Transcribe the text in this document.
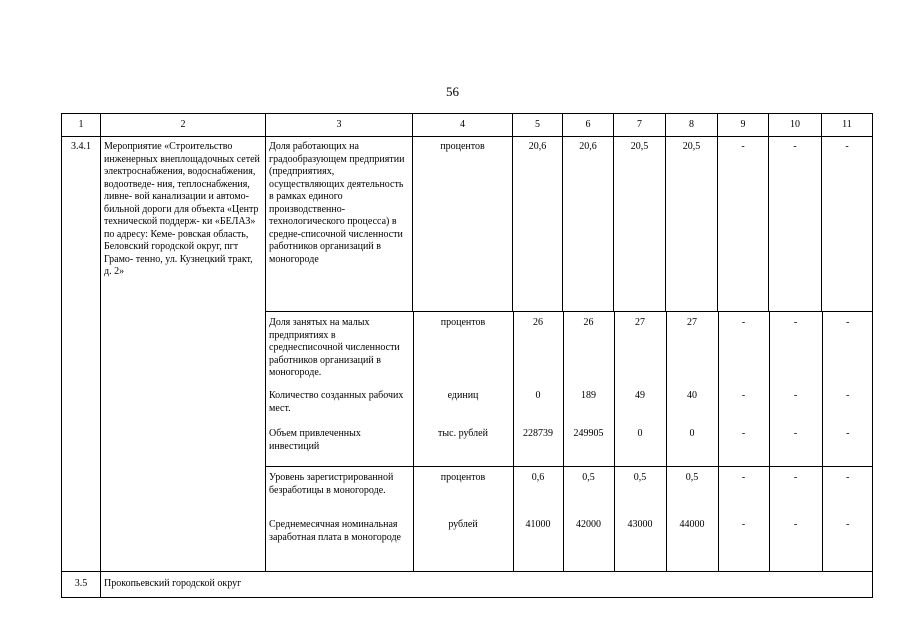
56
1	2	3	4	5	6	7	8	9	10	11
3.4.1	Мероприятие «Строительство инженерных внеплощадочных сетей электроснабжения, водоснабжения, водоотведе- ния, теплоснабжения, ливне- вой канализации и автомо- бильной дороги для объекта «Центр технической поддерж- ки «БЕЛАЗ» по адресу: Кеме- ровская область, Беловский городской округ, пгт Грамо- тенно, ул. Кузнецкий тракт, д. 2»	Доля работающих на градообразующем предприятии (предприятиях, осуществляющих деятельность в рамках единого производственно-технологического процесса) в средне-списочной численности работников организаций в моногороде	процентов	20,6	20,6	20,5	20,5	-	-	-

Доля занятых на малых предприятиях в среднесписочной численности работников организаций в моногороде.	процентов	26	26	27	27	-	-	-
Количество созданных рабочих мест.	единиц	0	189	49	40	-	-	-
Объем привлеченных инвестиций	тыс. рублей	228739	249905	0	0	-	-	-

Уровень зарегистрированной безработицы в моногороде.	процентов	0,6	0,5	0,5	0,5	-	-	-
Среднемесячная номинальная заработная плата в моногороде	рублей	41000	42000	43000	44000	-	-	-

3.5	Прокопьевский городской округ
